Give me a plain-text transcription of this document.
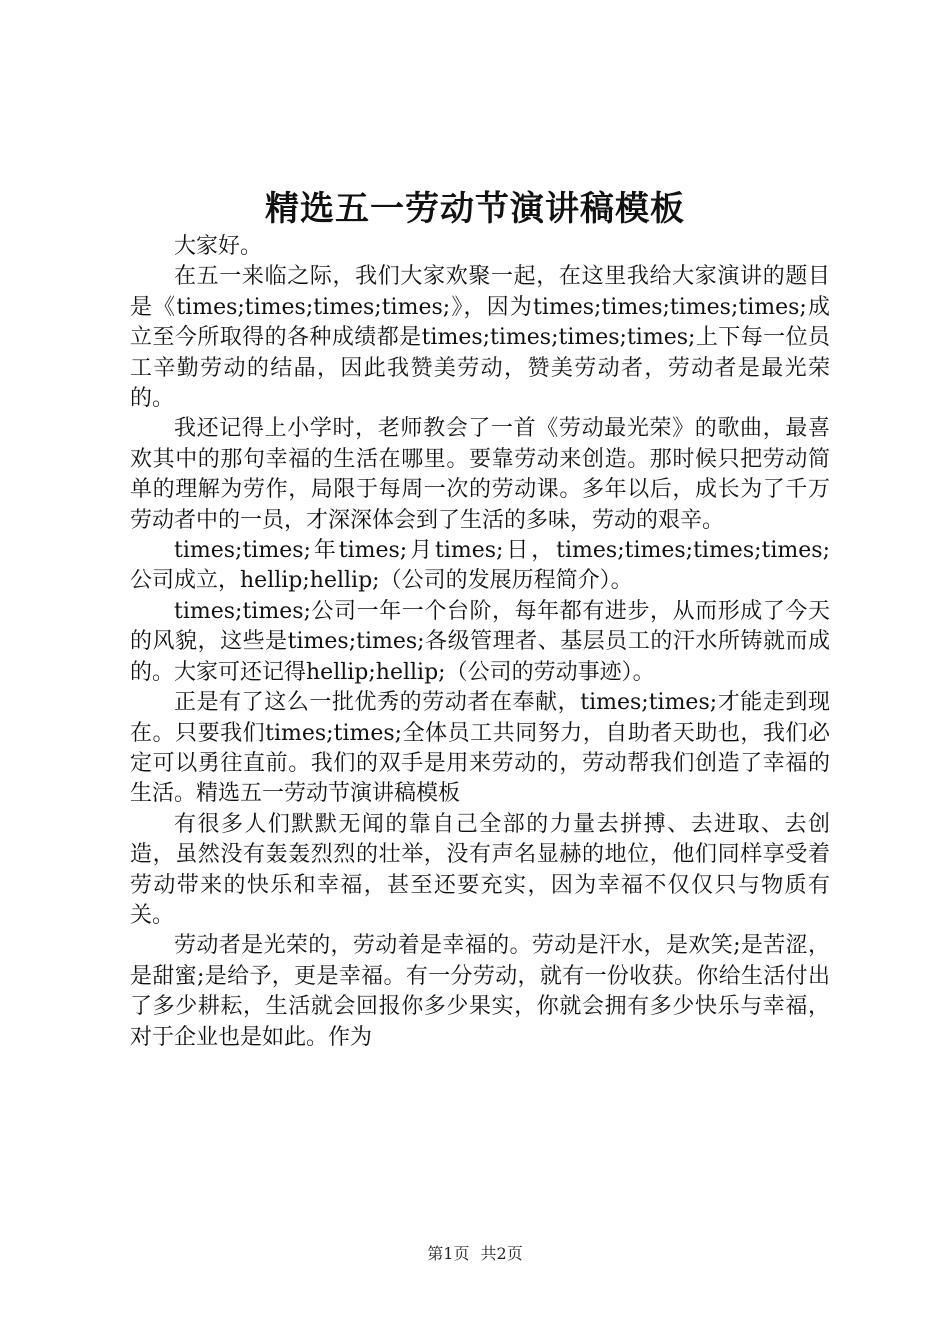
精选五一劳动节演讲稿模板

大家好。

在五一来临之际，我们大家欢聚一起，在这里我给大家演讲的题目是《times;times;times;times;》，因为times;times;times;times;成立至今所取得的各种成绩都是times;times;times;times;上下每一位员工辛勤劳动的结晶，因此我赞美劳动，赞美劳动者，劳动者是最光荣的。

我还记得上小学时，老师教会了一首《劳动最光荣》的歌曲，最喜欢其中的那句幸福的生活在哪里。要靠劳动来创造。那时候只把劳动简单的理解为劳作，局限于每周一次的劳动课。多年以后，成长为了千万劳动者中的一员，才深深体会到了生活的多味，劳动的艰辛。

times;times;年times;月times;日，times;times;times;times;公司成立，hellip;hellip;（公司的发展历程简介）。

times;times;公司一年一个台阶，每年都有进步，从而形成了今天的风貌，这些是times;times;各级管理者、基层员工的汗水所铸就而成的。大家可还记得hellip;hellip;（公司的劳动事迹）。

正是有了这么一批优秀的劳动者在奉献，times;times;才能走到现在。只要我们times;times;全体员工共同努力，自助者天助也，我们必定可以勇往直前。我们的双手是用来劳动的，劳动帮我们创造了幸福的生活。精选五一劳动节演讲稿模板

有很多人们默默无闻的靠自己全部的力量去拼搏、去进取、去创造，虽然没有轰轰烈烈的壮举，没有声名显赫的地位，他们同样享受着劳动带来的快乐和幸福，甚至还要充实，因为幸福不仅仅只与物质有关。

劳动者是光荣的，劳动着是幸福的。劳动是汗水，是欢笑;是苦涩，是甜蜜;是给予，更是幸福。有一分劳动，就有一份收获。你给生活付出了多少耕耘，生活就会回报你多少果实，你就会拥有多少快乐与幸福，对于企业也是如此。作为

第1页 共2页
